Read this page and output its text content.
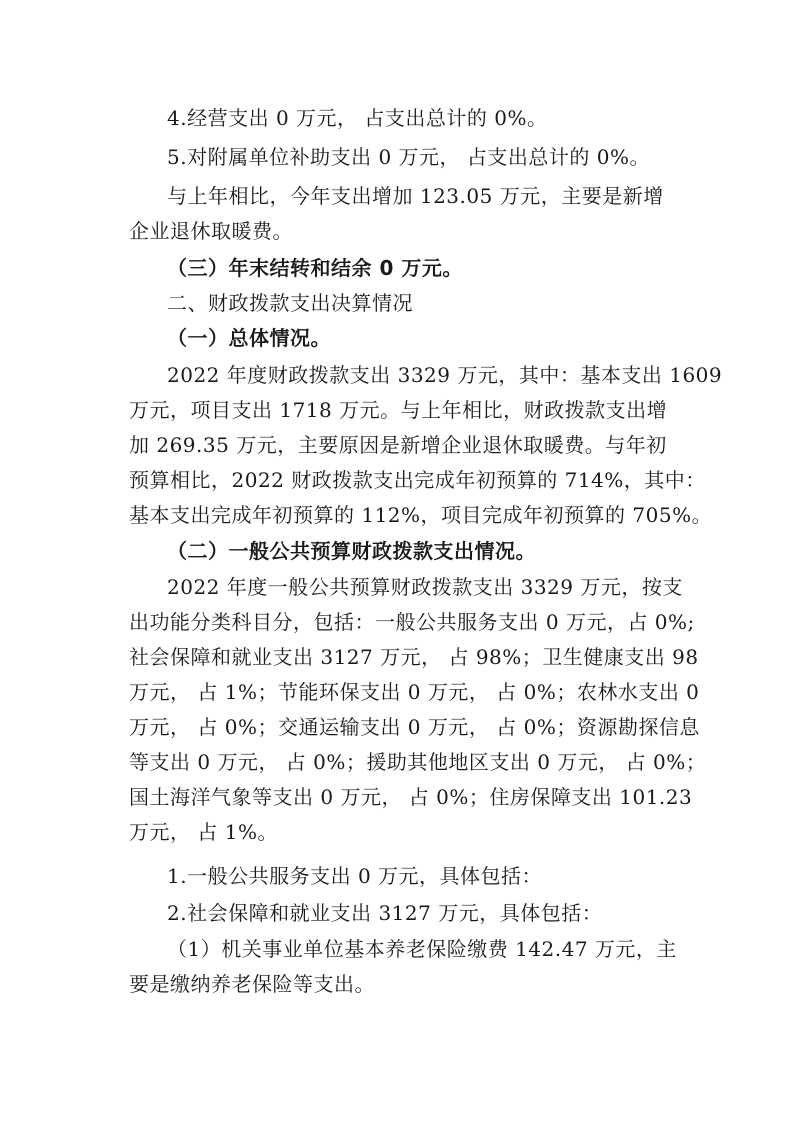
4.经营支出 0 万元， 占支出总计的 0%。
5.对附属单位补助支出 0 万元， 占支出总计的 0%。
与上年相比，今年支出增加 123.05 万元，主要是新增
企业退休取暖费。
（三）年末结转和结余 0 万元。
二、财政拨款支出决算情况
（一）总体情况。
2022 年度财政拨款支出 3329 万元，其中：基本支出 1609
万元，项目支出 1718 万元。与上年相比，财政拨款支出增
加 269.35 万元，主要原因是新增企业退休取暖费。与年初
预算相比，2022 财政拨款支出完成年初预算的 714%，其中：
基本支出完成年初预算的 112%，项目完成年初预算的 705%。
（二）一般公共预算财政拨款支出情况。
2022 年度一般公共预算财政拨款支出 3329 万元，按支
出功能分类科目分，包括：一般公共服务支出 0 万元，占 0%;
社会保障和就业支出 3127 万元， 占 98%；卫生健康支出 98
万元， 占 1%；节能环保支出 0 万元， 占 0%；农林水支出 0
万元， 占 0%；交通运输支出 0 万元， 占 0%；资源勘探信息
等支出 0 万元， 占 0%；援助其他地区支出 0 万元， 占 0%；
国土海洋气象等支出 0 万元， 占 0%；住房保障支出 101.23
万元， 占 1%。
1.一般公共服务支出 0 万元，具体包括：
2.社会保障和就业支出 3127 万元，具体包括：
（1）机关事业单位基本养老保险缴费 142.47 万元，主
要是缴纳养老保险等支出。
